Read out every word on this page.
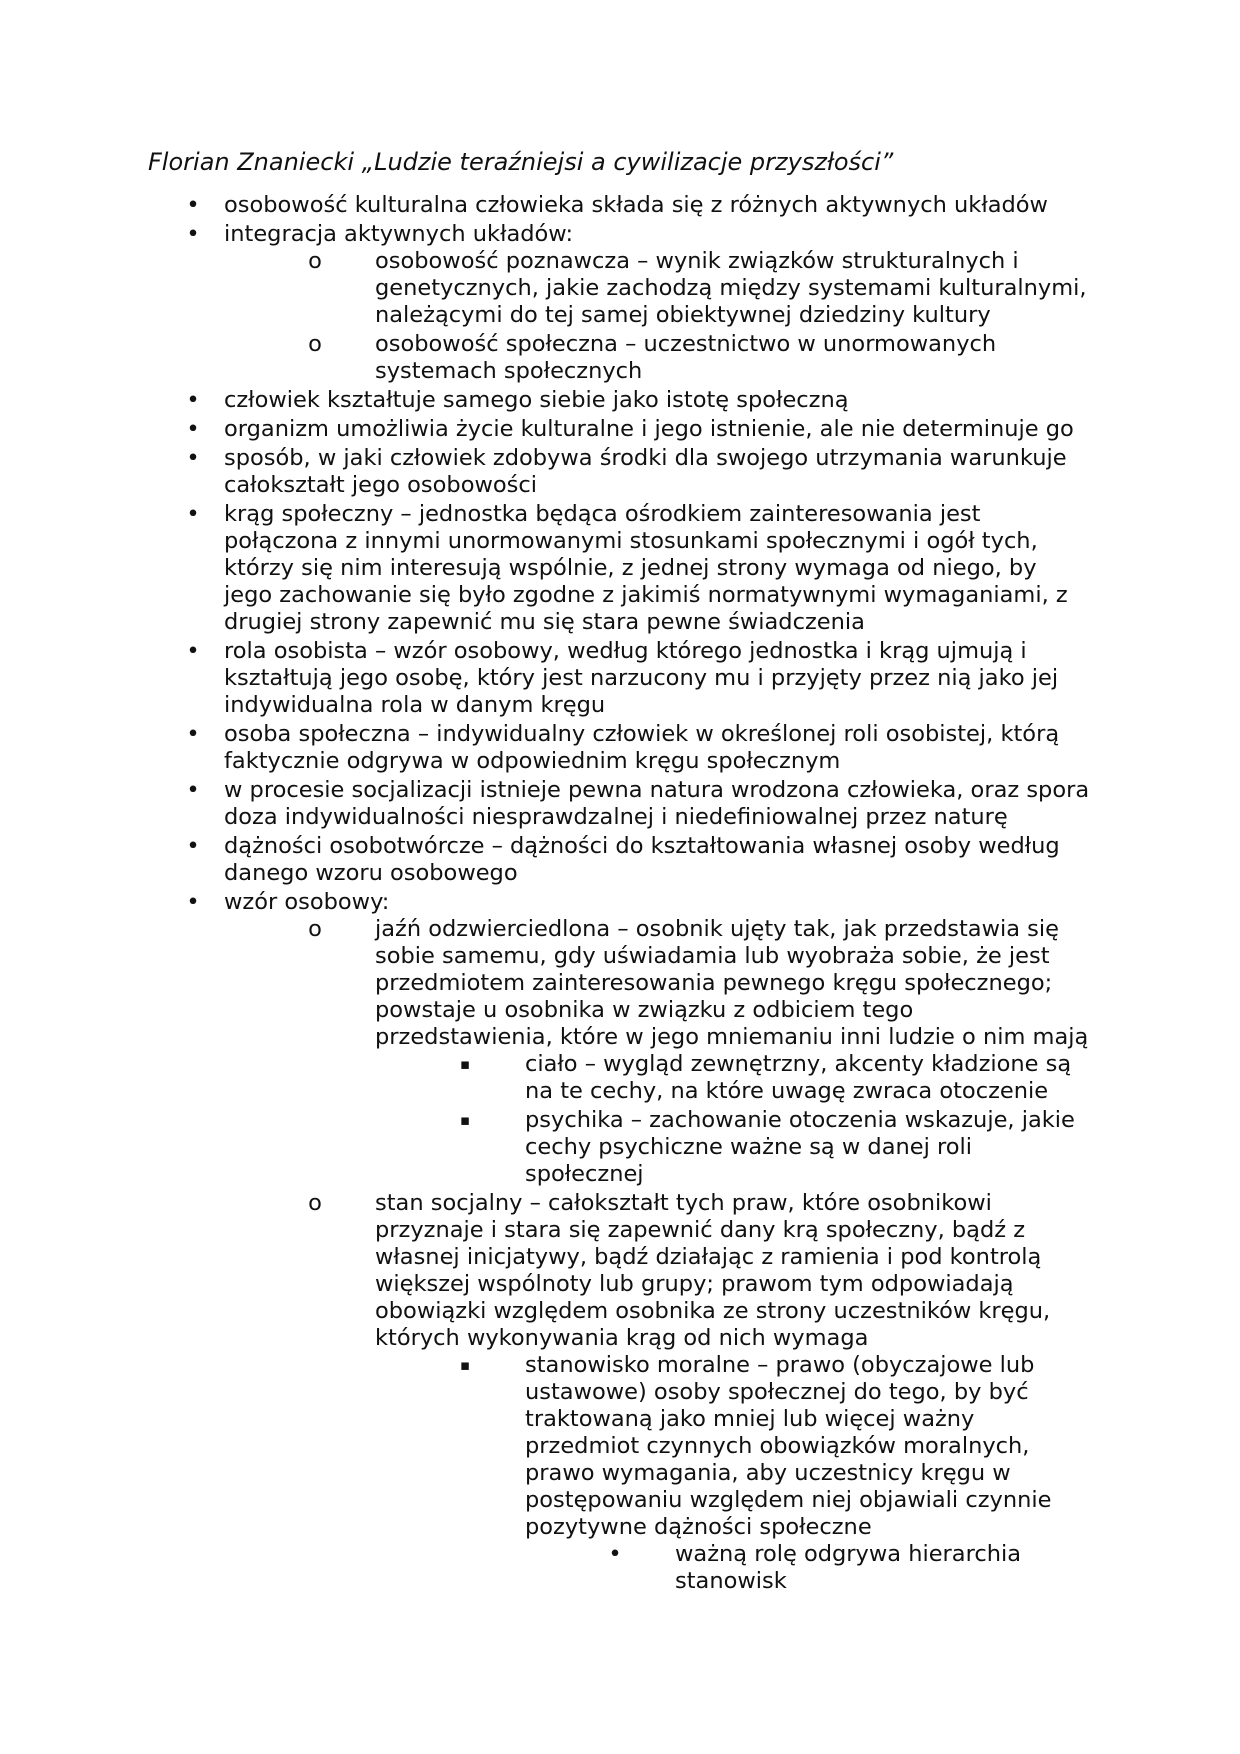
Florian Znaniecki „Ludzie teraźniejsi a cywilizacje przyszłości”
•	osobowość kulturalna człowieka składa się z różnych aktywnych układów
•	integracja aktywnych układów:
o	osobowość poznawcza – wynik związków strukturalnych i genetycznych, jakie zachodzą między systemami kulturalnymi, należącymi do tej samej obiektywnej dziedziny kultury
o	osobowość społeczna – uczestnictwo w unormowanych systemach społecznych
•	człowiek kształtuje samego siebie jako istotę społeczną
•	organizm umożliwia życie kulturalne i jego istnienie, ale nie determinuje go
•	sposób, w jaki człowiek zdobywa środki dla swojego utrzymania warunkuje całokształt jego osobowości
•	krąg społeczny – jednostka będąca ośrodkiem zainteresowania jest połączona z innymi unormowanymi stosunkami społecznymi i ogół tych, którzy się nim interesują wspólnie, z jednej strony wymaga od niego, by jego zachowanie się było zgodne z jakimiś normatywnymi wymaganiami, z drugiej strony zapewnić mu się stara pewne świadczenia
•	rola osobista – wzór osobowy, według którego jednostka i krąg ujmują i kształtują jego osobę, który jest narzucony mu i przyjęty przez nią jako jej indywidualna rola w danym kręgu
•	osoba społeczna – indywidualny człowiek w określonej roli osobistej, którą faktycznie odgrywa w odpowiednim kręgu społecznym
•	w procesie socjalizacji istnieje pewna natura wrodzona człowieka, oraz spora doza indywidualności niesprawdzalnej i niedefiniowalnej przez naturę
•	dążności osobotwórcze – dążności do kształtowania własnej osoby według danego wzoru osobowego
•	wzór osobowy:
o	jaźń odzwierciedlona – osobnik ujęty tak, jak przedstawia się sobie samemu, gdy uświadamia lub wyobraża sobie, że jest przedmiotem zainteresowania pewnego kręgu społecznego; powstaje u osobnika w związku z odbiciem tego przedstawienia, które w jego mniemaniu inni ludzie o nim mają
▪	ciało – wygląd zewnętrzny, akcenty kładzione są na te cechy, na które uwagę zwraca otoczenie
▪	psychika – zachowanie otoczenia wskazuje, jakie cechy psychiczne ważne są w danej roli społecznej
o	stan socjalny – całokształt tych praw, które osobnikowi przyznaje i stara się zapewnić dany krą społeczny, bądź z własnej inicjatywy, bądź działając z ramienia i pod kontrolą większej wspólnoty lub grupy; prawom tym odpowiadają obowiązki względem osobnika ze strony uczestników kręgu, których wykonywania krąg od nich wymaga
▪	stanowisko moralne – prawo (obyczajowe lub ustawowe) osoby społecznej do tego, by być traktowaną jako mniej lub więcej ważny przedmiot czynnych obowiązków moralnych, prawo wymagania, aby uczestnicy kręgu w postępowaniu względem niej objawiali czynnie pozytywne dążności społeczne
•	ważną rolę odgrywa hierarchia stanowisk
